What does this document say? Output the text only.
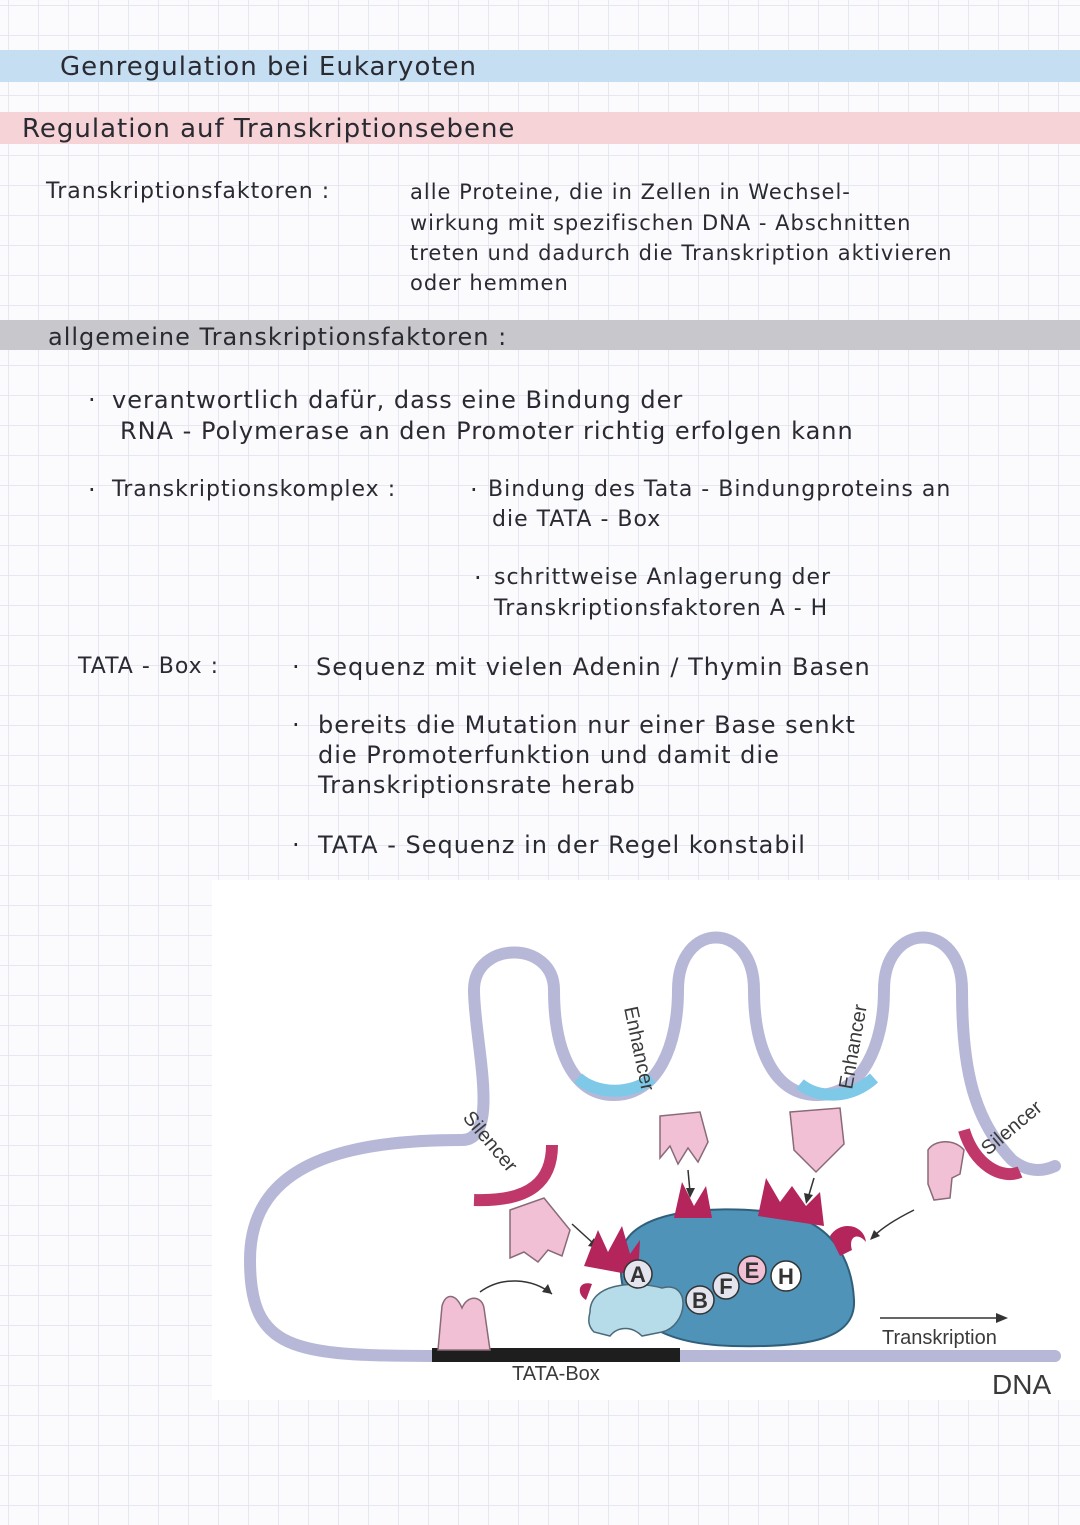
Genregulation bei Eukaryoten

Regulation auf Transkriptionsebene

Transkriptionsfaktoren :	alle Proteine, die in Zellen in Wechsel-

wirkung mit spezifischen DNA - Abschnitten

treten und dadurch die Transkription aktivieren

oder hemmen

allgemeine Transkriptionsfaktoren :

· verantwortlich dafür, dass eine Bindung der

RNA - Polymerase an den Promoter richtig erfolgen kann

· Transkriptionskomplex :	· Bindung des Tata - Bindungproteins an

die TATA - Box

· schrittweise Anlagerung der

Transkriptionsfaktoren A - H

TATA - Box :	· Sequenz mit vielen Adenin / Thymin Basen

· bereits die Mutation nur einer Base senkt

die Promoterfunktion und damit die

Transkriptionsrate herab

· TATA - Sequenz in der Regel konstabil

A
B
F
E H
Transkription
TATA-Box	DNA
Enhancer	Enhancer
Silencer	Silencer
